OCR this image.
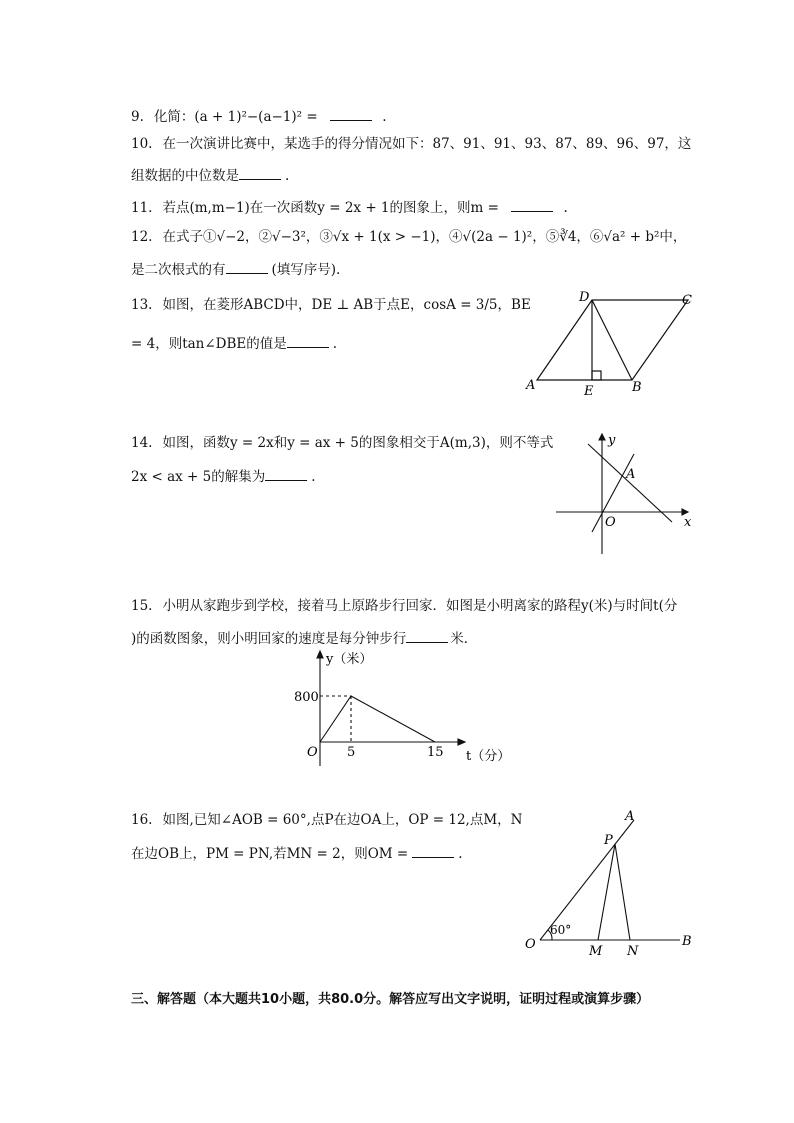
9. 化简：(a + 1)²−(a−1)² =	.
10. 在一次演讲比赛中，某选手的得分情况如下：87、91、91、93、87、89、96、97，这
组数据的中位数是	.
11. 若点(m,m−1)在一次函数y = 2x + 1的图象上，则m =	.
12. 在式子①√−2，②√−3²，③√x + 1(x > −1)，④√(2a − 1)²，⑤∛4，⑥√a² + b²中，
是二次根式的有	(填写序号).
13. 如图，在菱形ABCD中，DE ⊥ AB于点E，cosA = 3/5，BE
= 4，则tan∠DBE的值是	.
A	B
C
D
E
14. 如图，函数y = 2x和y = ax + 5的图象相交于A(m,3)，则不等式
2x < ax + 5的解集为	.
y
x
O
A
15. 小明从家跑步到学校，接着马上原路步行回家．如图是小明离家的路程y(米)与时间t(分
)的函数图象，则小明回家的速度是每分钟步行	米．
y（米）
t（分）
800
O 5	15
16. 如图,已知∠AOB = 60°,点P在边OA上，OP = 12,点M，N
在边OB上，PM = PN,若MN = 2，则OM =	.
A
B
O
P
M N
60°
三、解答题（本大题共10小题，共80.0分。解答应写出文字说明，证明过程或演算步骤）
